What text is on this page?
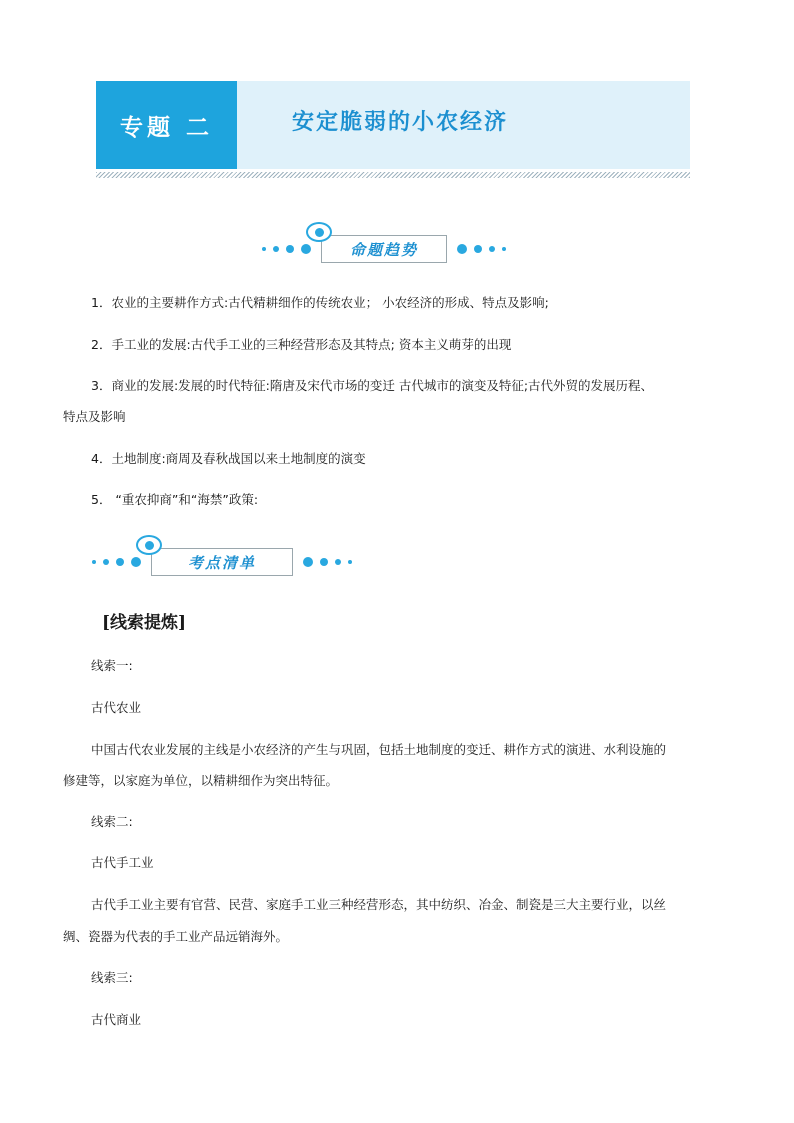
专题 二	安定脆弱的小农经济
命题趋势
1．农业的主要耕作方式:古代精耕细作的传统农业； 小农经济的形成、特点及影响;
2．手工业的发展:古代手工业的三种经营形态及其特点; 资本主义萌芽的出现
3．商业的发展:发展的时代特征:隋唐及宋代市场的变迁 古代城市的演变及特征;古代外贸的发展历程、
特点及影响
4．土地制度:商周及春秋战国以来土地制度的演变
5． “重农抑商”和“海禁”政策:
考点清单
[线索提炼]
线索一:
古代农业
中国古代农业发展的主线是小农经济的产生与巩固，包括土地制度的变迁、耕作方式的演进、水利设施的
修建等，以家庭为单位，以精耕细作为突出特征。
线索二:
古代手工业
古代手工业主要有官营、民营、家庭手工业三种经营形态，其中纺织、冶金、制瓷是三大主要行业，以丝
绸、瓷器为代表的手工业产品远销海外。
线索三:
古代商业
